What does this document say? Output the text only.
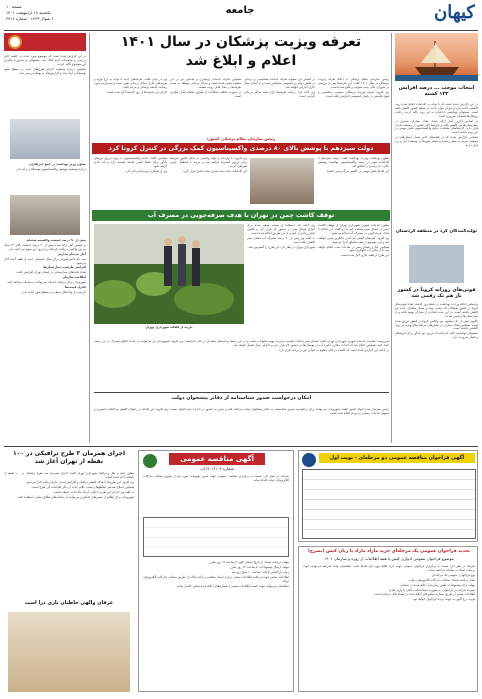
صفحه ۱۰
یکشنبه ۱۸ اردیبهشت ۱۴۰۱
۶ شوال ۱۴۴۳ - شماره ۴۷۱۶
جامعه	کیهان
انتخاب موجب ... درصد افزایش ۱۳۳ کشته

در این گزارش آمده است که با توجه به اقدامات انجام شده روند کاهشی ادامه دارد و میزان موارد جدید در سطح کشور کاهش یافته است. مسئولان بهداشتی با اشاره به این روند تاکید کردند رعایت پروتکل‌ها همچنان ضروری است.

بر اساس آخرین آمار ارائه شده، تعداد بیماران بستری در بیمارستان‌ها نیز کاهش یافته و شرایط کلی کشور در وضعیت پایدار قرار دارد. کارشناسان معتقدند تداوم واکسیناسیون نقش مهمی در این روند داشته است.

همچنین گزارش شده که در هفته‌های اخیر شمار استان‌های در وضعیت قرمز به صفر رسیده و بیشتر شهرها در وضعیت آبی و زرد قرار دارند.

تولیدکنندگان گرد در منطقه کردستان
فوتی‌های روزانه کرونا در کشور باز هم تک رقمی شد

براساس اعلام وزارت بهداشت در شبانه‌روز گذشته تعداد فوتی‌های کرونا در کشور همچنان تک رقمی بوده و شمار مبتلایان جدید نیز کاهش داشته است. در این مدت تعدادی از بیماران بهبود یافته و از بیمارستان‌ها ترخیص شدند.

تاکنون بیش از ۱۵۰ میلیون دوز واکسن کرونا در کشور تزریق شده است. همچنین تعداد بیماران در بخش‌های مراقبت‌های ویژه نیز روند کاهشی داشته است.

مسئولان بهداشتی تاکید کرده‌اند که تزریق دوز یادآور برای گروه‌های پرخطر ضرورت دارد.

در این گزارش آمده است که موضوع مورد بحث در جلسه اخیر بررسی و تصمیمات لازم اتخاذ شد. مسئولان بر ضرورت پیگیری این موضوع تاکید کردند.

همچنین درباره وضعیت اجرای طرح‌های جدید در سطح شهر توضیحاتی ارائه شد و گزارش‌های مربوطه بررسی شد.

معاون وزیر بهداشت در جمع خبرنگاران

درباره وضعیت پوشش واکسیناسیون توضیحاتی ارائه کرد.

بیش از ۹۰ درصد جمعیت واکسینه شده‌اند

بر اساس آمار ارائه شده بیش از ۹۰ درصد جمعیت بالای ۱۲ سال دو دوز واکسن دریافت کرده‌اند و تزریق دوز سوم نیز ادامه دارد.

آغاز ثبت‌نام مدارس

ثبت نام دانش‌آموزان برای سال تحصیلی جدید از هفته آینده آغاز می‌شود.

افزایش ظرفیت بیمارستان‌ها

تعداد تخت‌های بیمارستانی در استان تهران افزایش یافت.

اطلاعیه سازمان

شهروندان برای دریافت خدمات می‌توانند به سامانه مراجعه کنند.

کنترل قیمت‌ها

بازرسی از واحدهای صنفی در سطح شهر ادامه دارد.

تعرفه ویزیت پزشکان در سال ۱۴۰۱
اعلام و ابلاغ شد

رئیس سازمان نظام پزشکی با اعلام تعرفه ویزیت پزشکان در سال ۱۴۰۱ گفت: این تعرفه‌ها پس از بررسی در شورای عالی بیمه تصویب و ابلاغ شده است.

وی افزود: تعرفه ویزیت پزشکان عمومی، متخصص و فوق تخصص در بخش خصوصی افزایش یافته است.

بر اساس این مصوبه تعرفه خدمات تشخیصی و درمانی در بخش دولتی و خصوصی مشخص شده و از ابتدای سال جاری اجرایی خواهد شد.

وی تاکید کرد: رعایت تعرفه‌ها برای همه مراکز درمانی الزامی است.

همچنین تعرفه خدمات پرستاری و مامایی نیز در این مصوبه تعیین شده است و مراکز درمانی موظف به نصب تعرفه‌ها در محل قابل رویت هستند.

در صورت تخلف، شکایات از طریق سامانه قابل پیگیری است.

وی در پایان گفت: تعرفه‌های جدید با توجه به نرخ تورم و هزینه‌های جاری مراکز درمانی تعیین شده و امیدواریم مورد رضایت جامعه پزشکی و مردم باشد.

اجرای این تعرفه‌ها از روز گذشته آغاز شده است.

رئیس سازمان نظام پزشکی کشور:
دولت سیزدهم با پوشش بالای ۸۰ درصدی واکسیناسیون کمک بزرگی در کنترل کرونا کرد

معاون بهداشت وزارت بهداشت گفت: دولت سیزدهم با اقدامات موثر در زمینه واکسیناسیون توانست پوشش بالای ۸۰ درصدی را محقق کند.

این اقدام نقش مهمی در کاهش مرگ و میر داشت.

وی افزود: با واردات و تولید واکسن در داخل کشور شرایط برای تزریق گسترده فراهم شد و مردم با استقبال خوبی همراهی کردند.

این اقدامات باعث شد بیماری تحت کنترل قرار گیرد.

همچنین گفت: ادامه واکسیناسیون به ویژه تزریق دوزهای یادآور برای حفظ ایمنی جامعه اهمیت دارد و باید جدی گرفته شود.

وی از همکاری مردم قدردانی کرد.

توقف کاشت چمن در تهران با هدف صرفه‌جویی در مصرف آب

معاون خدمات شهری شهرداری تهران از توقف کاشت چمن در فضای سبز پایتخت خبر داد و گفت: این اقدام با هدف صرفه‌جویی در مصرف آب انجام می‌شود.

وی افزود: گونه‌های گیاهی کم آب‌بر جایگزین چمن خواهند شد و این موضوع در همه مناطق اجرا می‌شود.

همچنین آبیاری فضای سبز در ساعات شب انجام خواهد شد تا از تبخیر آب جلوگیری شود.

این طرح از هفته جاری آغاز شده است.

وی ادامه داد: استفاده از پساب تصفیه شده برای آبیاری فضای سبز در دستور کار قرار دارد و تاکنون بخش زیادی از آبیاری از این طریق انجام شده است.

به گفته وی بیش از ۲۰ درصد مصرف آب فضای سبز کاهش یافته است.

شهرداری تهران در نظر دارد این طرح را گسترش دهد.

بازدید از گلخانه شهرداری تهران

سرپرست معاونت خدمات شهری شهرداری تهران گفت: فضای سبز پایتخت نیازمند مدیریت بهینه منابع آب است و در این راستا برنامه‌های متعددی در حال اجراست. وی افزود: شهروندان نیز می‌توانند با رعایت الگوی مصرف در این زمینه کمک کنند. همچنین اعلام شد که احداث مخازن ذخیره آب در بوستان‌ها در دستور کار قرار دارد و تا پایان سال تکمیل خواهد شد.

در ادامه این گزارش آمده است که کاشت درختان مقاوم به کم‌آبی نیز در برنامه قرار دارد.

امکان درخواست صدور شناسنامه از دفاتر پیشخوان دولت

رئیس سازمان ثبت احوال کشور گفت: شهروندان می‌توانند برای درخواست صدور شناسنامه به دفاتر پیشخوان دولت مراجعه کنند و نیازی به حضور در ادارات ثبت احوال نیست. وی افزود: این اقدام در راستای کاهش مراجعات حضوری و تسهیل خدمات رسانی به مردم انجام شده است.

اجرای همزمان ۳ طرح ترافیکی در ۱۰۰ نقطه از تهران آغاز شد

معاون حمل و نقل و ترافیک شهرداری تهران گفت: اجرای همزمان سه طرح ترافیکی در ۱۰۰ نقطه از پایتخت آغاز شده است.

وی افزود: این طرح‌ها با هدف کاهش ترافیک و افزایش ایمنی عابران پیاده اجرا می‌شود.

همچنین اصلاح هندسی تقاطع‌ها و نصب علائم جدید از دیگر اقدامات این طرح است.

به گفته وی اجرای این طرح تا پایان خرداد ماه ادامه خواهد داشت.

شهروندان برای اطلاع از مسیرهای جایگزین می‌توانند از سامانه‌های اطلاع رسانی استفاده کنند.

عرفان والهی خاطبان بازی درا است
آگهی مناقصه عمومی
شماره ۱۴۰۱/۱۰۴/ت

شرکت در نظر دارد نسبت به برگزاری مناقصه عمومی جهت تامین تجهیزات مورد نیاز از طریق سامانه تدارکات الکترونیکی دولت اقدام نماید.

مهلت دریافت اسناد: از تاریخ انتشار آگهی تا ساعت ۱۴ روز مقرر

مهلت ارسال پیشنهادات: تا ساعت ۱۴ روز مقرر

زمان بازگشایی پاکات: ساعت ۱۰ صبح روز بعد

اطلاعات تماس جهت دریافت اطلاعات بیشتر درباره اسناد مناقصه و ارائه پاکات از طریق سامانه تدارکات الکترونیکی دولت.

متقاضیان می‌توانند جهت کسب اطلاعات بیشتر با شماره‌های اعلام شده تماس حاصل نمایند.

آگهی فراخوان مناقصه عمومی دو مرحله‌ای - نوبت اول
تجدید فراخوان عمومی یک مرحله‌ای خرید مازاد مازاد یا زبان کیش (بشرح)
موضوع فراخوان عمومی ادواری کیش با همه اطلاعات از روزه و سازمان ۱۴۰۱

شرکت در نظر دارد نسبت به برگزاری فراخوان عمومی جهت خرید اقلام مورد نیاز اقدام نماید. متقاضیان واجد شرایط می‌توانند جهت دریافت اسناد به سامانه مراجعه نمایند.

نوع فراخوان: عمومی یک مرحله‌ای

محل دریافت اسناد: سامانه تدارکات الکترونیکی دولت

مهلت ارائه پیشنهادات: طبق زمان‌بندی اعلام شده در سامانه

سپرده شرکت در فراخوان: به صورت ضمانت‌نامه بانکی یا واریز نقدی

اطلاعات بیشتر از طریق شماره تماس‌های اعلام شده در اسناد قابل دریافت است.

هزینه درج آگهی به عهده برنده فراخوان خواهد بود.
